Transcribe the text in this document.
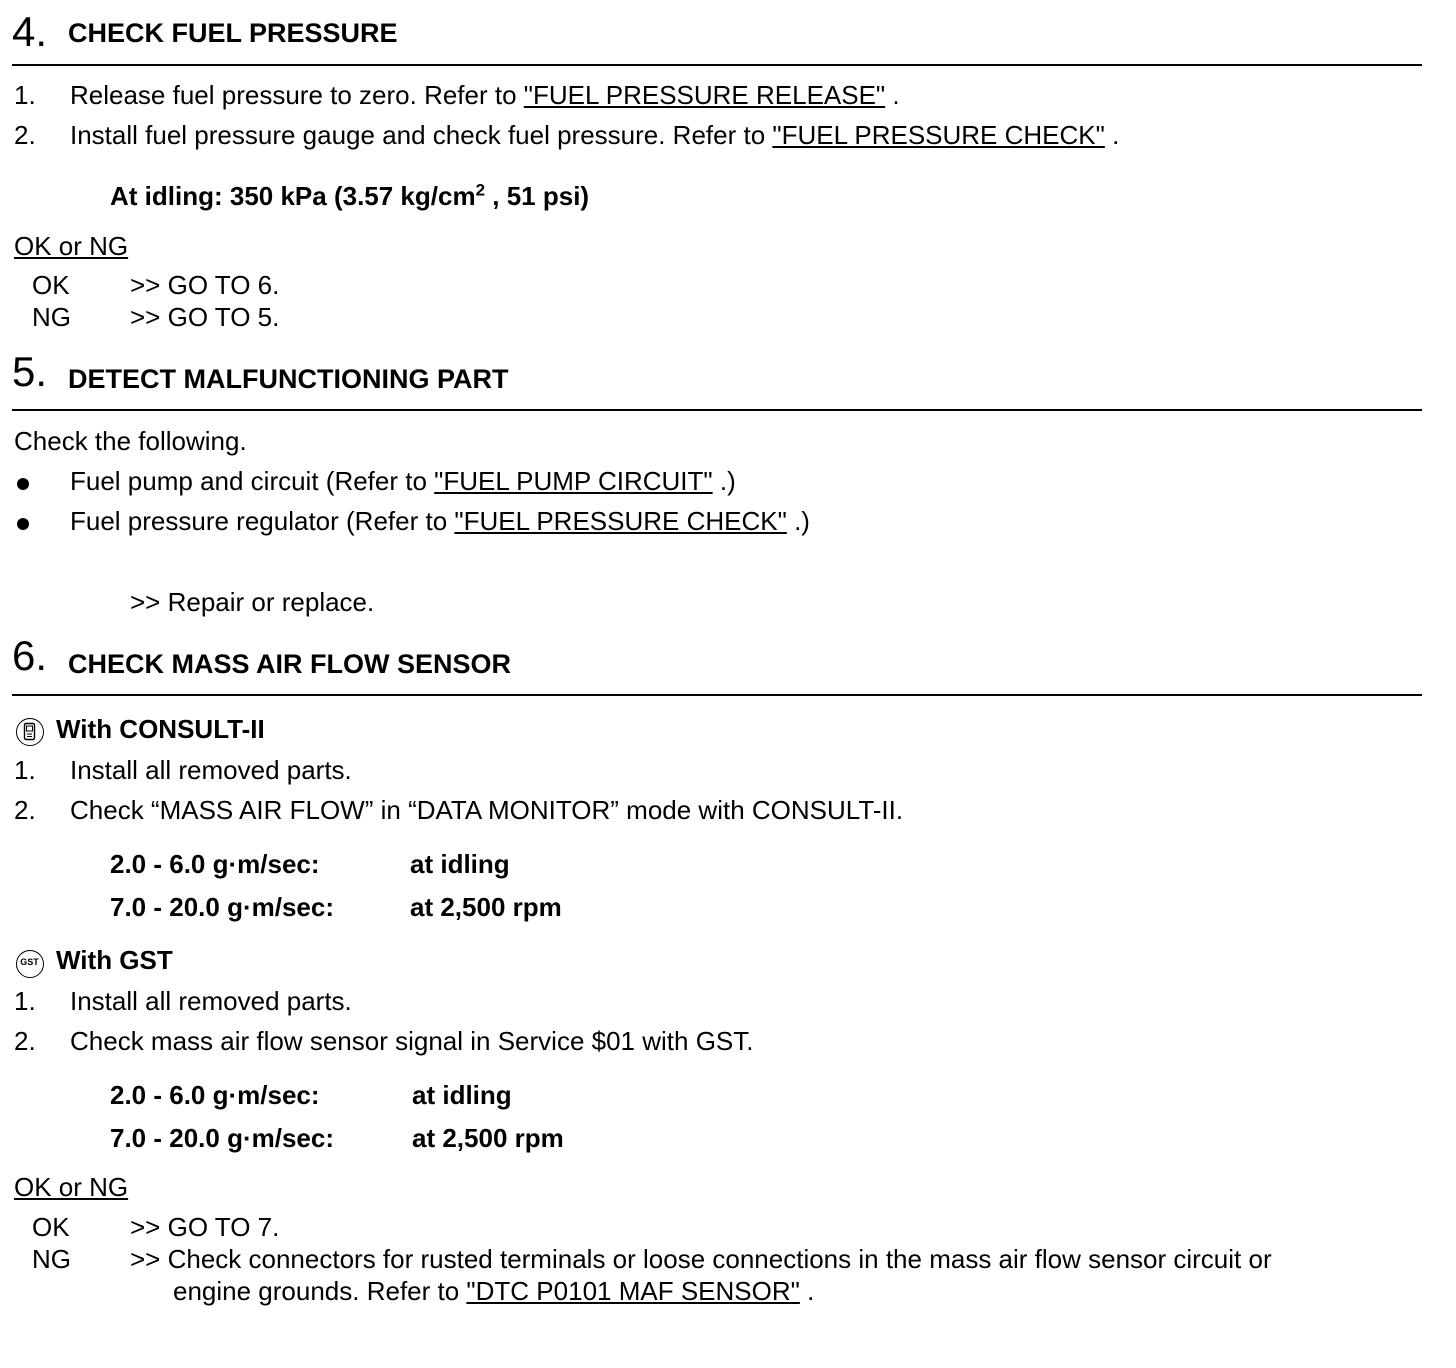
4. CHECK FUEL PRESSURE
1. Release fuel pressure to zero. Refer to "FUEL PRESSURE RELEASE" .
2. Install fuel pressure gauge and check fuel pressure. Refer to "FUEL PRESSURE CHECK" .
At idling: 350 kPa (3.57 $kg/cm^2$ , 51 psi)
OK or NG
OK >> GO TO 6.
NG >> GO TO 5.
5. DETECT MALFUNCTIONING PART
Check the following.
Fuel pump and circuit (Refer to "FUEL PUMP CIRCUIT" .)
Fuel pressure regulator (Refer to "FUEL PRESSURE CHECK" .)
>> Repair or replace.
6. CHECK MASS AIR FLOW SENSOR
With CONSULT-II
1. Install all removed parts.
2. Check “MASS AIR FLOW” in “DATA MONITOR” mode with CONSULT-II.
2.0 - 6.0 g·m/sec:	at idling
7.0 - 20.0 g·m/sec:	at 2,500 rpm
GST With GST
1. Install all removed parts.
2. Check mass air flow sensor signal in Service $01 with GST.
2.0 - 6.0 g·m/sec:	at idling
7.0 - 20.0 g·m/sec:	at 2,500 rpm
OK or NG
OK >> GO TO 7.
NG >> Check connectors for rusted terminals or loose connections in the mass air flow sensor circuit or
engine grounds. Refer to "DTC P0101 MAF SENSOR" .
